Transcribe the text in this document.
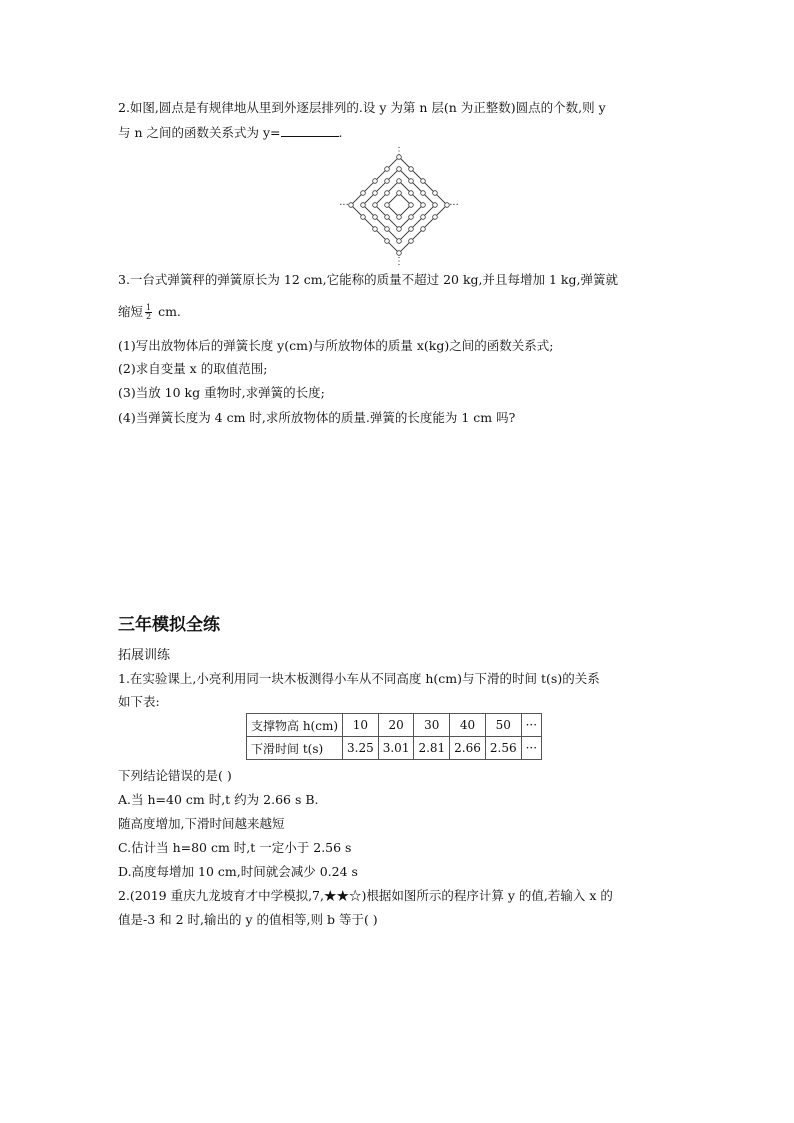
2.如图,圆点是有规律地从里到外逐层排列的.设 y 为第 n 层(n 为正整数)圆点的个数,则 y
与 n 之间的函数关系式为 y=	.
⋮
⋮
···	···
3.一台式弹簧秤的弹簧原长为 12 cm,它能称的质量不超过 20 kg,并且每增加 1 kg,弹簧就
缩短 $\frac{1}{2}$ cm.
(1)写出放物体后的弹簧长度 y(cm)与所放物体的质量 x(kg)之间的函数关系式;
(2)求自变量 x 的取值范围;
(3)当放 10 kg 重物时,求弹簧的长度;
(4)当弹簧长度为 4 cm 时,求所放物体的质量.弹簧的长度能为 1 cm 吗?
三年模拟全练
拓展训练
1.在实验课上,小亮利用同一块木板测得小车从不同高度 h(cm)与下滑的时间 t(s)的关系
如下表:
支撑物高 h(cm)	10	20	30	40	50	···
下滑时间 t(s)	3.25	3.01	2.81	2.66	2.56	···
下列结论错误的是( )
A.当 h=40 cm 时,t 约为 2.66 s B.
随高度增加,下滑时间越来越短
C.估计当 h=80 cm 时,t 一定小于 2.56 s
D.高度每增加 10 cm,时间就会减少 0.24 s
2.(2019 重庆九龙坡育才中学模拟,7,★★☆)根据如图所示的程序计算 y 的值,若输入 x 的
值是-3 和 2 时,输出的 y 的值相等,则 b 等于( )
